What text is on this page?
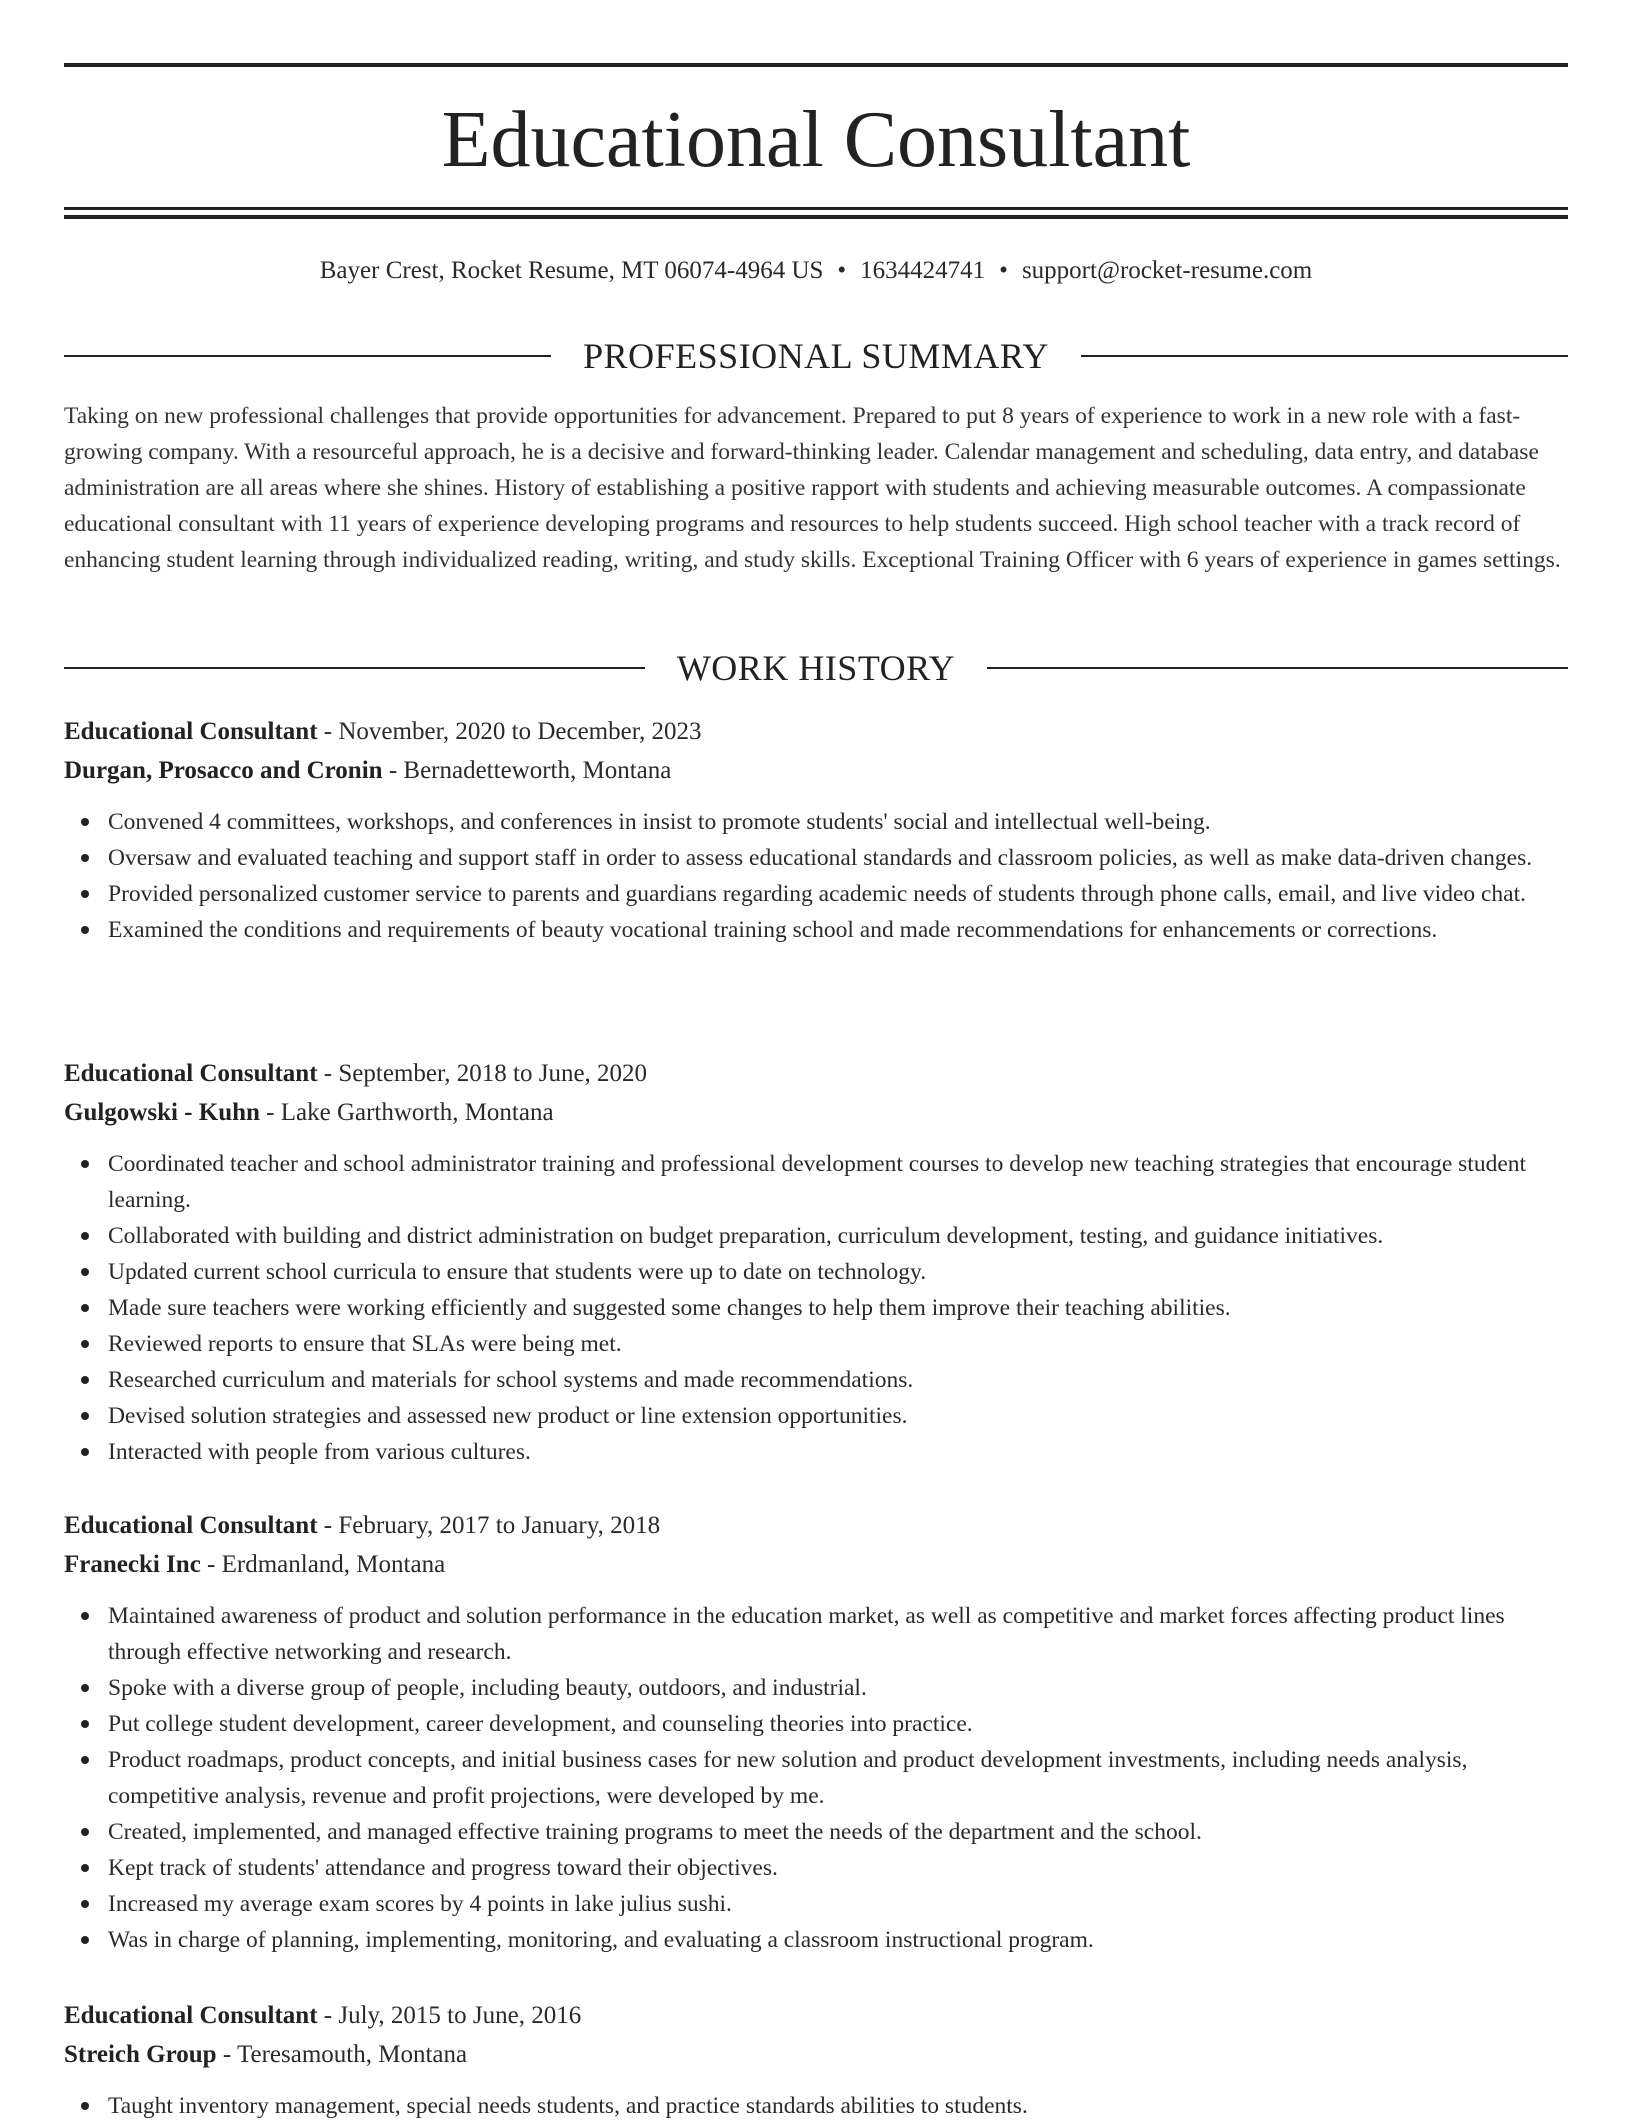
Educational Consultant
Bayer Crest, Rocket Resume, MT 06074-4964 US • 1634424741 • support@rocket-resume.com
PROFESSIONAL SUMMARY

Taking on new professional challenges that provide opportunities for advancement. Prepared to put 8 years of experience to work in a new role with a fast-growing company. With a resourceful approach, he is a decisive and forward-thinking leader. Calendar management and scheduling, data entry, and database administration are all areas where she shines. History of establishing a positive rapport with students and achieving measurable outcomes. A compassionate educational consultant with 11 years of experience developing programs and resources to help students succeed. High school teacher with a track record of enhancing student learning through individualized reading, writing, and study skills. Exceptional Training Officer with 6 years of experience in games settings.

WORK HISTORY
Educational Consultant - November, 2020 to December, 2023
Durgan, Prosacco and Cronin - Bernadetteworth, Montana
Convened 4 committees, workshops, and conferences in insist to promote students' social and intellectual well-being.
Oversaw and evaluated teaching and support staff in order to assess educational standards and classroom policies, as well as make data-driven changes.
Provided personalized customer service to parents and guardians regarding academic needs of students through phone calls, email, and live video chat.
Examined the conditions and requirements of beauty vocational training school and made recommendations for enhancements or corrections.
Educational Consultant - September, 2018 to June, 2020
Gulgowski - Kuhn - Lake Garthworth, Montana
Coordinated teacher and school administrator training and professional development courses to develop new teaching strategies that encourage student learning.
Collaborated with building and district administration on budget preparation, curriculum development, testing, and guidance initiatives.
Updated current school curricula to ensure that students were up to date on technology.
Made sure teachers were working efficiently and suggested some changes to help them improve their teaching abilities.
Reviewed reports to ensure that SLAs were being met.
Researched curriculum and materials for school systems and made recommendations.
Devised solution strategies and assessed new product or line extension opportunities.
Interacted with people from various cultures.
Educational Consultant - February, 2017 to January, 2018
Franecki Inc - Erdmanland, Montana
Maintained awareness of product and solution performance in the education market, as well as competitive and market forces affecting product lines through effective networking and research.
Spoke with a diverse group of people, including beauty, outdoors, and industrial.
Put college student development, career development, and counseling theories into practice.
Product roadmaps, product concepts, and initial business cases for new solution and product development investments, including needs analysis, competitive analysis, revenue and profit projections, were developed by me.
Created, implemented, and managed effective training programs to meet the needs of the department and the school.
Kept track of students' attendance and progress toward their objectives.
Increased my average exam scores by 4 points in lake julius sushi.
Was in charge of planning, implementing, monitoring, and evaluating a classroom instructional program.
Educational Consultant - July, 2015 to June, 2016
Streich Group - Teresamouth, Montana
Taught inventory management, special needs students, and practice standards abilities to students.
